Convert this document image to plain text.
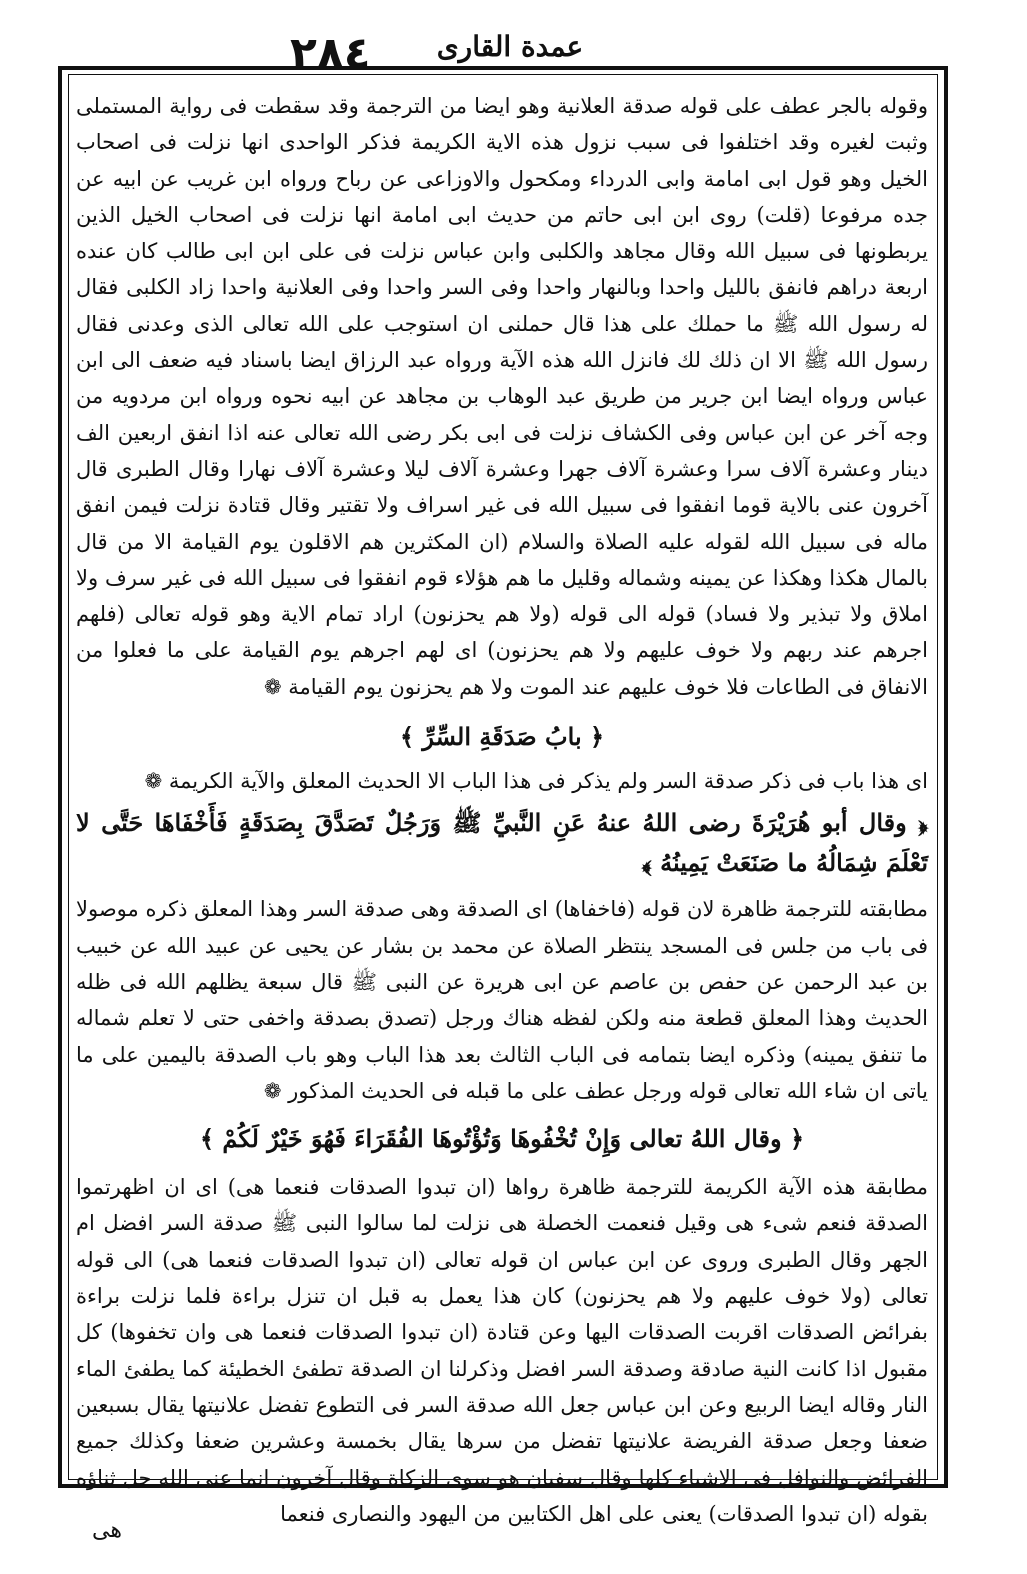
٢٨٤ عمدة القاری

وقوله بالجر عطف على قوله صدقة العلانية وهو ايضا من الترجمة وقد سقطت فى رواية المستملى وثبت لغيره وقد اختلفوا فى سبب نزول هذه الاية الكريمة فذكر الواحدى انها نزلت فى اصحاب الخيل وهو قول ابى امامة وابى الدرداء ومكحول والاوزاعى عن رباح ورواه ابن غريب عن ابيه عن جده مرفوعا (قلت) روى ابن ابى حاتم من حديث ابى امامة انها نزلت فى اصحاب الخيل الذين يربطونها فى سبيل الله وقال مجاهد والكلبى وابن عباس نزلت فى على ابن ابى طالب كان عنده اربعة دراهم فانفق بالليل واحدا وبالنهار واحدا وفى السر واحدا وفى العلانية واحدا زاد الكلبى فقال له رسول الله ﷺ ما حملك على هذا قال حملنى ان استوجب على الله تعالى الذى وعدنى فقال رسول الله ﷺ الا ان ذلك لك فانزل الله هذه الآية ورواه عبد الرزاق ايضا باسناد فيه ضعف الى ابن عباس ورواه ايضا ابن جرير من طريق عبد الوهاب بن مجاهد عن ابيه نحوه ورواه ابن مردويه من وجه آخر عن ابن عباس وفى الكشاف نزلت فى ابى بكر رضى الله تعالى عنه اذا انفق اربعين الف دينار وعشرة آلاف سرا وعشرة آلاف جهرا وعشرة آلاف ليلا وعشرة آلاف نهارا وقال الطبرى قال آخرون عنى بالاية قوما انفقوا فى سبيل الله فى غير اسراف ولا تقتير وقال قتادة نزلت فيمن انفق ماله فى سبيل الله لقوله عليه الصلاة والسلام (ان المكثرين هم الاقلون يوم القيامة الا من قال بالمال هكذا وهكذا عن يمينه وشماله وقليل ما هم هؤلاء قوم انفقوا فى سبيل الله فى غير سرف ولا املاق ولا تبذير ولا فساد) قوله الى قوله (ولا هم يحزنون) اراد تمام الاية وهو قوله تعالى (فلهم اجرهم عند ربهم ولا خوف عليهم ولا هم يحزنون) اى لهم اجرهم يوم القيامة على ما فعلوا من الانفاق فى الطاعات فلا خوف عليهم عند الموت ولا هم يحزنون يوم القيامة ❁

﴿ بابُ صَدَقَةِ السِّرِّ ﴾

اى هذا باب فى ذكر صدقة السر ولم يذكر فى هذا الباب الا الحديث المعلق والآية الكريمة ❁

﴿ وقال أبو هُرَيْرَةَ رضى اللهُ عنهُ عَنِ النَّبيِّ ﷺ وَرَجُلٌ تَصَدَّقَ بِصَدَقَةٍ فَأَخْفَاهَا حَتَّى لا تَعْلَمَ شِمَالُهُ ما صَنَعَتْ يَمِينُهُ ﴾

مطابقته للترجمة ظاهرة لان قوله (فاخفاها) اى الصدقة وهى صدقة السر وهذا المعلق ذكره موصولا فى باب من جلس فى المسجد ينتظر الصلاة عن محمد بن بشار عن يحيى عن عبيد الله عن خبيب بن عبد الرحمن عن حفص بن عاصم عن ابى هريرة عن النبى ﷺ قال سبعة يظلهم الله فى ظله الحديث وهذا المعلق قطعة منه ولكن لفظه هناك ورجل (تصدق بصدقة واخفى حتى لا تعلم شماله ما تنفق يمينه) وذكره ايضا بتمامه فى الباب الثالث بعد هذا الباب وهو باب الصدقة باليمين على ما ياتى ان شاء الله تعالى قوله ورجل عطف على ما قبله فى الحديث المذكور ❁

﴿ وقال اللهُ تعالى وَإِنْ تُخْفُوهَا وَتُؤْتُوهَا الفُقَرَاءَ فَهُوَ خَيْرٌ لَكُمْ ﴾

مطابقة هذه الآية الكريمة للترجمة ظاهرة رواها (ان تبدوا الصدقات فنعما هى) اى ان اظهرتموا الصدقة فنعم شىء هى وقيل فنعمت الخصلة هى نزلت لما سالوا النبى ﷺ صدقة السر افضل ام الجهر وقال الطبرى وروى عن ابن عباس ان قوله تعالى (ان تبدوا الصدقات فنعما هى) الى قوله تعالى (ولا خوف عليهم ولا هم يحزنون) كان هذا يعمل به قبل ان تنزل براءة فلما نزلت براءة بفرائض الصدقات اقربت الصدقات اليها وعن قتادة (ان تبدوا الصدقات فنعما هى وان تخفوها) كل مقبول اذا كانت النية صادقة وصدقة السر افضل وذكرلنا ان الصدقة تطفئ الخطيئة كما يطفئ الماء النار وقاله ايضا الربيع وعن ابن عباس جعل الله صدقة السر فى التطوع تفضل علانيتها يقال بسبعين ضعفا وجعل صدقة الفريضة علانيتها تفضل من سرها يقال بخمسة وعشرين ضعفا وكذلك جميع الفرائض والنوافل فى الاشياء كلها وقال سفيان هو سوى الزكاة وقال آخرون انما عنى الله جل ثناؤه بقوله (ان تبدوا الصدقات) يعنى على اهل الكتابين من اليهود والنصارى فنعما

هى
